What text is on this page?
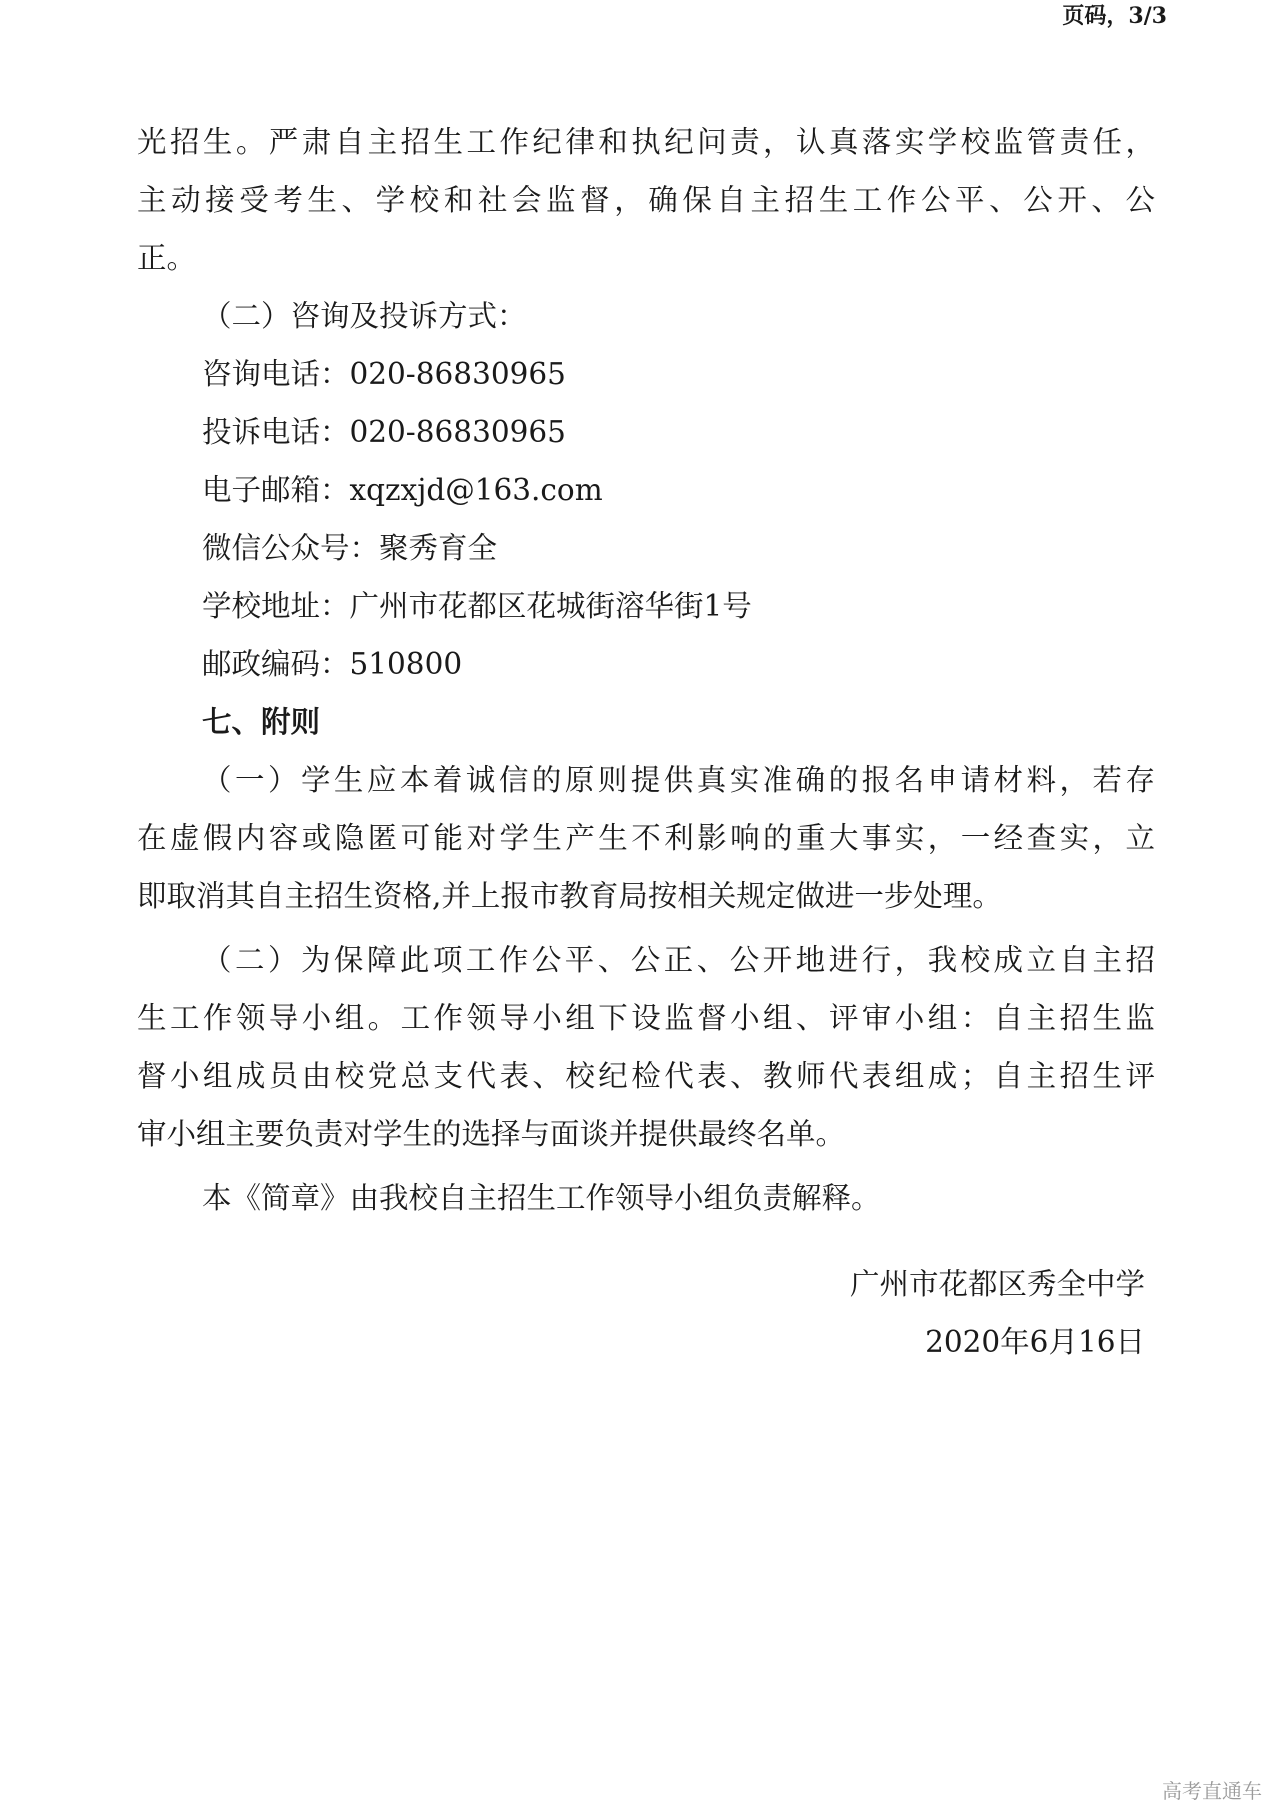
页码，3/3

光招生。严肃自主招生工作纪律和执纪问责，认真落实学校监管责任，

主动接受考生、学校和社会监督，确保自主招生工作公平、公开、公

正。

（二）咨询及投诉方式：

咨询电话：020-86830965

投诉电话：020-86830965

电子邮箱：xqzxjd@163.com

微信公众号：聚秀育全

学校地址：广州市花都区花城街溶华街1号

邮政编码：510800

七、附则

（一）学生应本着诚信的原则提供真实准确的报名申请材料，若存

在虚假内容或隐匿可能对学生产生不利影响的重大事实，一经查实，立

即取消其自主招生资格,并上报市教育局按相关规定做进一步处理。

（二）为保障此项工作公平、公正、公开地进行，我校成立自主招

生工作领导小组。工作领导小组下设监督小组、评审小组：自主招生监

督小组成员由校党总支代表、校纪检代表、教师代表组成；自主招生评

审小组主要负责对学生的选择与面谈并提供最终名单。

本《简章》由我校自主招生工作领导小组负责解释。

广州市花都区秀全中学

2020年6月16日

高考直通车
